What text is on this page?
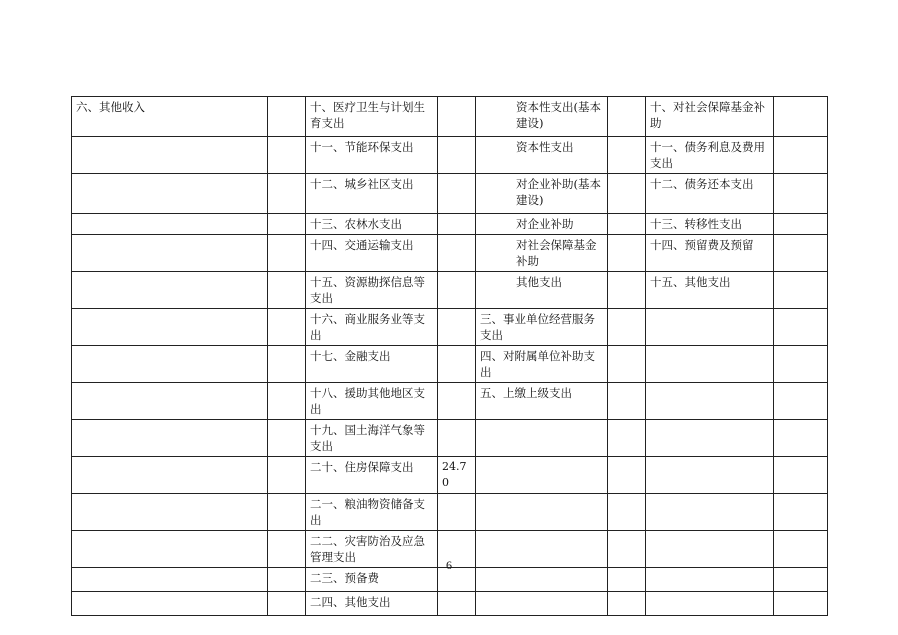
六、其他收入		十、医疗卫生与计划生育支出		资本性支出(基本建设)		十、对社会保障基金补助	
		十一、节能环保支出		资本性支出		十一、债务利息及费用支出	
		十二、城乡社区支出		对企业补助(基本建设)		十二、债务还本支出	
		十三、农林水支出		对企业补助		十三、转移性支出	
		十四、交通运输支出		对社会保障基金补助		十四、预留费及预留	
		十五、资源勘探信息等支出		其他支出		十五、其他支出	
		十六、商业服务业等支出		三、事业单位经营服务支出			
		十七、金融支出		四、对附属单位补助支出			
		十八、援助其他地区支出		五、上缴上级支出			
		十九、国土海洋气象等支出					
		二十、住房保障支出	24.70				
		二一、粮油物资储备支出					
		二二、灾害防治及应急管理支出					
		二三、预备费					
		二四、其他支出					
6
